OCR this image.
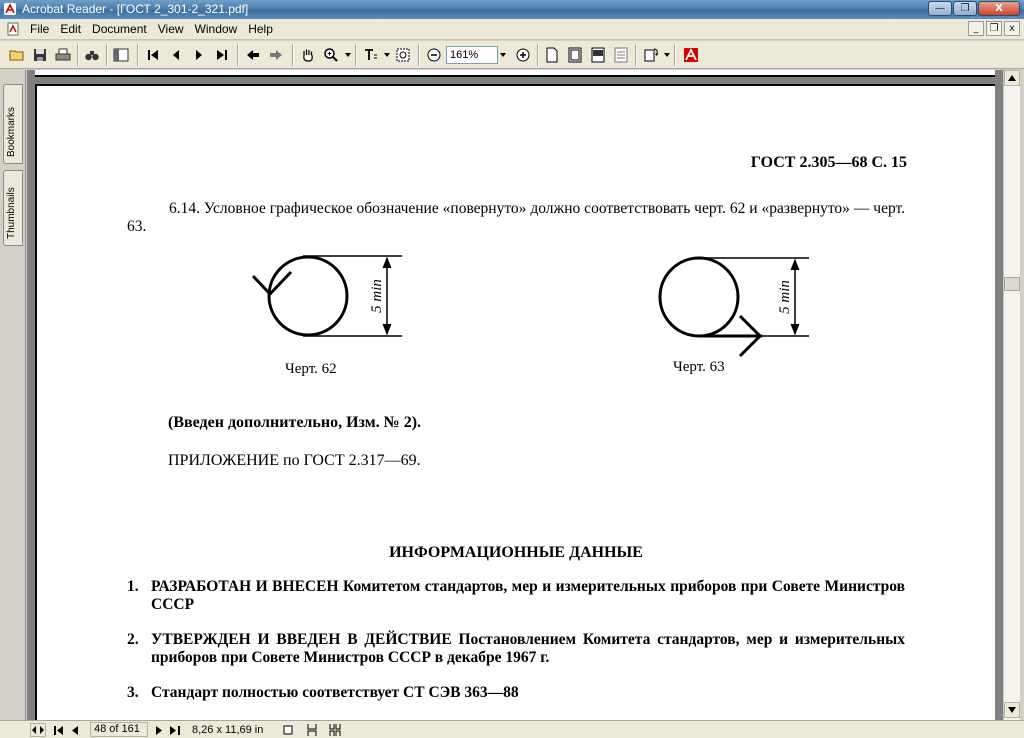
Acrobat Reader - [ГОСТ 2_301-2_321.pdf]	—	❐	X
File Edit Document View Window Help	_	❐	x
161%
Bookmarks
Thumbnails
ГОСТ 2.305—68 С. 15
6.14. Условное графическое обозначение «повернуто» должно соответствовать черт. 62 и «развернуто» — черт. 63.
5 min
Черт. 62
5 min
Черт. 63
(Введен дополнительно, Изм. № 2).
ПРИЛОЖЕНИЕ по ГОСТ 2.317—69.
ИНФОРМАЦИОННЫЕ ДАННЫЕ
1. РАЗРАБОТАН И ВНЕСЕН Комитетом стандартов, мер и измерительных приборов при Совете Министров СССР
2. УТВЕРЖДЕН И ВВЕДЕН В ДЕЙСТВИЕ Постановлением Комитета стандартов, мер и измерительных приборов при Совете Министров СССР в декабре 1967 г.
3. Стандарт полностью соответствует СТ СЭВ 363—88
48 of 161	8,26 x 11,69 in
